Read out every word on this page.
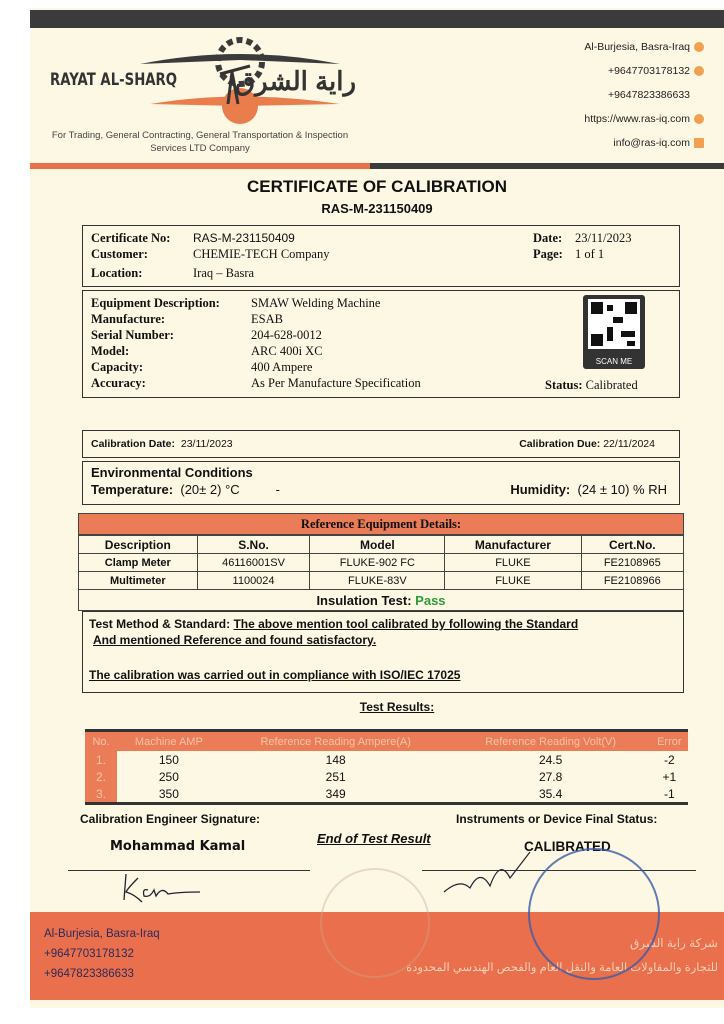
RAYAT AL-SHARQ راية الشرق
For Trading, General Contracting, General Transportation & Inspection Services LTD Company
Al-Burjesia, Basra-Iraq
+9647703178132
+9647823386633
https://www.ras-iq.com
info@ras-iq.com
CERTIFICATE OF CALIBRATION
RAS-M-231150409
Certificate No:	RAS-M-231150409
Customer:	CHEMIE-TECH Company
Location:	Iraq – Basra
Date:	23/11/2023
Page: 1 of 1
Equipment Description:	SMAW Welding Machine
Manufacture:	ESAB
Serial Number:	204-628-0012
Model:	ARC 400i XC
Capacity:	400 Ampere
Accuracy:	As Per Manufacture Specification
SCAN ME
Status:
Calibrated
Calibration Date:
23/11/2023	Calibration Due:
22/11/2024
Environmental Conditions
Temperature:
(20± 2) °C	-	Humidity:
(24 ± 10) % RH
Reference Equipment Details:
Description	S.No.	Model	Manufacturer	Cert.No.
Clamp Meter	46116001SV	FLUKE-902 FC	FLUKE	FE2108965
Multimeter	1100024	FLUKE-83V	FLUKE	FE2108966
Insulation Test: Pass				
Test Method & Standard: The above mention tool calibrated by following the Standard
And mentioned Reference and found satisfactory.
The calibration was carried out in compliance with ISO/IEC 17025
Test Results:
No.	Machine AMP	Reference Reading Ampere(A)	Reference Reading Volt(V)	Error
1.	150	148	24.5	-2
2.	250	251	27.8	+1
3.	350	349	35.4	-1
Calibration Engineer Signature:	Instruments or Device Final Status:
End of Test Result
Mohammad Kamal	CALIBRATED
Al-Burjesia, Basra-Iraq
+9647703178132
+9647823386633
شركة راية الشرق
للتجارة والمقاولات العامة والنقل العام والفحص الهندسي المحدودة
